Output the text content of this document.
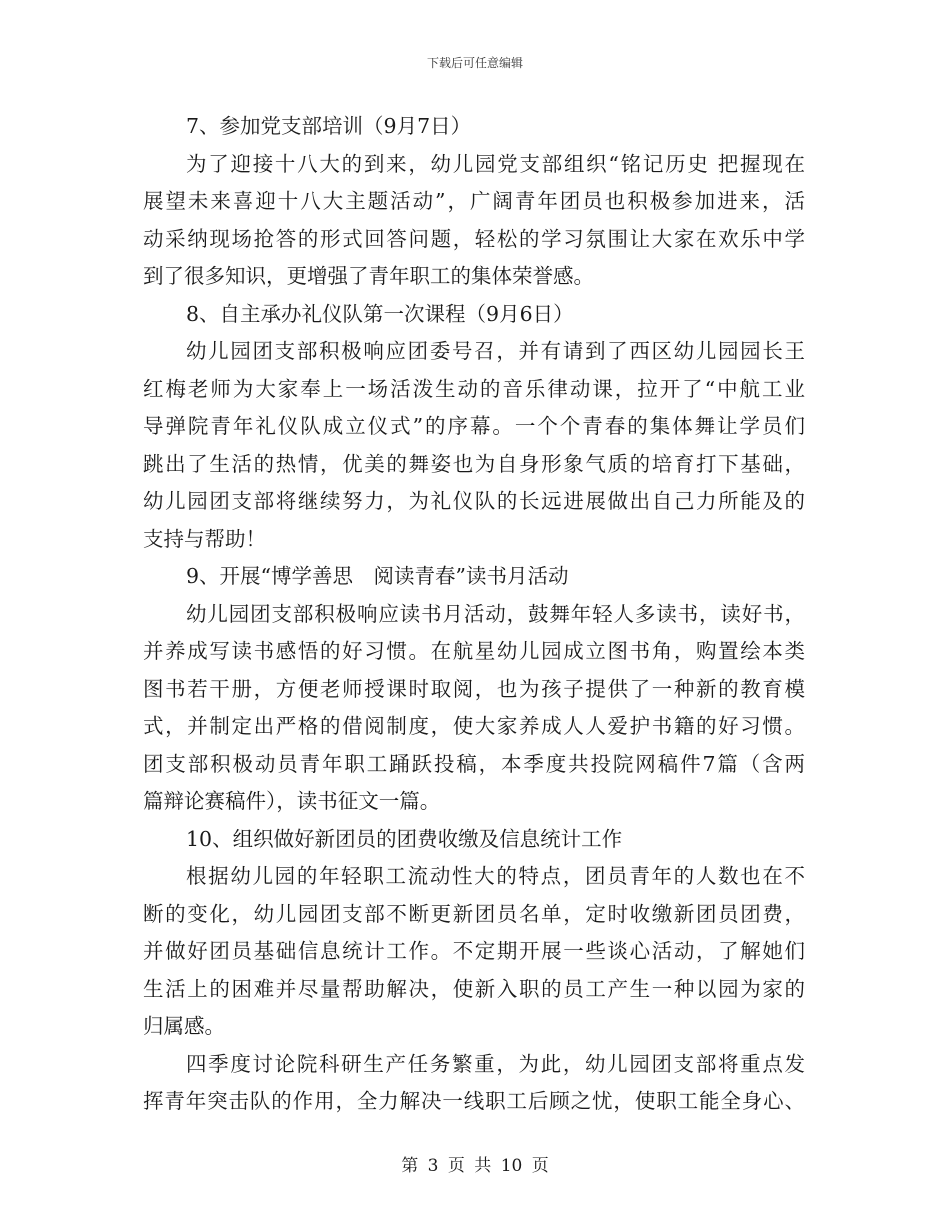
下载后可任意编辑
7、参加党支部培训（9月7日）
为了迎接十八大的到来，幼儿园党支部组织“铭记历史 把握现在
展望未来喜迎十八大主题活动”，广阔青年团员也积极参加进来，活
动采纳现场抢答的形式回答问题，轻松的学习氛围让大家在欢乐中学
到了很多知识，更增强了青年职工的集体荣誉感。
8、自主承办礼仪队第一次课程（9月6日）
幼儿园团支部积极响应团委号召，并有请到了西区幼儿园园长王
红梅老师为大家奉上一场活泼生动的音乐律动课，拉开了“中航工业
导弹院青年礼仪队成立仪式”的序幕。一个个青春的集体舞让学员们
跳出了生活的热情，优美的舞姿也为自身形象气质的培育打下基础，
幼儿园团支部将继续努力，为礼仪队的长远进展做出自己力所能及的
支持与帮助！
9、开展“博学善思　阅读青春”读书月活动
幼儿园团支部积极响应读书月活动，鼓舞年轻人多读书，读好书，
并养成写读书感悟的好习惯。在航星幼儿园成立图书角，购置绘本类
图书若干册，方便老师授课时取阅，也为孩子提供了一种新的教育模
式，并制定出严格的借阅制度，使大家养成人人爱护书籍的好习惯。
团支部积极动员青年职工踊跃投稿，本季度共投院网稿件7篇（含两
篇辩论赛稿件），读书征文一篇。
10、组织做好新团员的团费收缴及信息统计工作
根据幼儿园的年轻职工流动性大的特点，团员青年的人数也在不
断的变化，幼儿园团支部不断更新团员名单，定时收缴新团员团费，
并做好团员基础信息统计工作。不定期开展一些谈心活动，了解她们
生活上的困难并尽量帮助解决，使新入职的员工产生一种以园为家的
归属感。
四季度讨论院科研生产任务繁重，为此，幼儿园团支部将重点发
挥青年突击队的作用，全力解决一线职工后顾之忧，使职工能全身心、
第 3 页 共 10 页
